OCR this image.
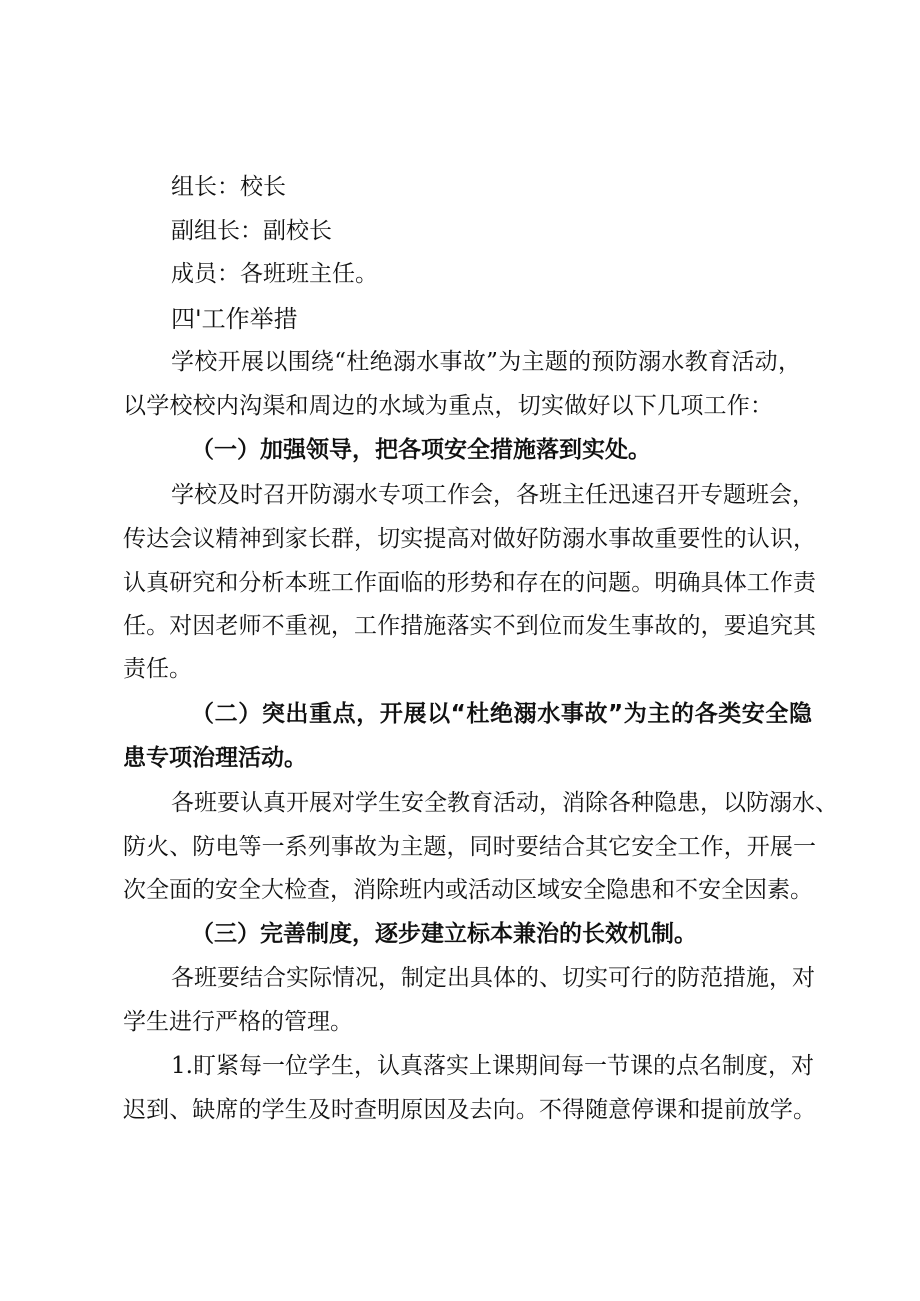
组长：校长
副组长：副校长
成员：各班班主任。
四'工作举措
学校开展以围绕“杜绝溺水事故”为主题的预防溺水教育活动，
以学校校内沟渠和周边的水域为重点，切实做好以下几项工作：
（一）加强领导，把各项安全措施落到实处。
学校及时召开防溺水专项工作会，各班主任迅速召开专题班会，
传达会议精神到家长群，切实提高对做好防溺水事故重要性的认识，
认真研究和分析本班工作面临的形势和存在的问题。明确具体工作责
任。对因老师不重视，工作措施落实不到位而发生事故的，要追究其
责任。
（二）突出重点，开展以“杜绝溺水事故”为主的各类安全隐
患专项治理活动。
各班要认真开展对学生安全教育活动，消除各种隐患，以防溺水、
防火、防电等一系列事故为主题，同时要结合其它安全工作，开展一
次全面的安全大检查，消除班内或活动区域安全隐患和不安全因素。
（三）完善制度，逐步建立标本兼治的长效机制。
各班要结合实际情况，制定出具体的、切实可行的防范措施，对
学生进行严格的管理。
1.盯紧每一位学生，认真落实上课期间每一节课的点名制度，对
迟到、缺席的学生及时查明原因及去向。不得随意停课和提前放学。
